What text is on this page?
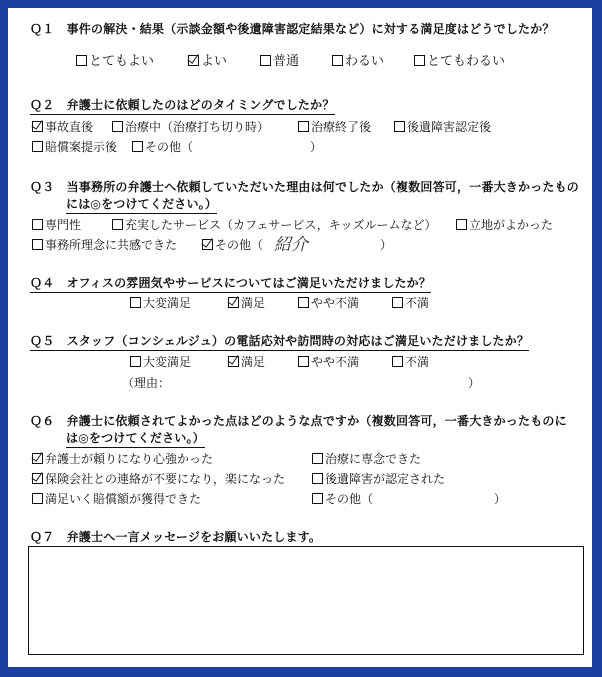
Ｑ１　事件の解決・結果（示談金額や後遺障害認定結果など）に対する満足度はどうでしたか？
とてもよい	よい	普通	わるい	とてもわるい
Ｑ２　弁護士に依頼したのはどのタイミングでしたか？
事故直後	治療中（治療打ち切り時）	治療終了後	後遺障害認定後
賠償案提示後	その他（	）
Ｑ３　当事務所の弁護士へ依頼していただいた理由は何でしたか（複数回答可，一番大きかったもの
には◎をつけてください。）
専門性	充実したサービス（カフェサービス，キッズルームなど）	立地がよかった
事務所理念に共感できた	その他（ 紹介	）
Ｑ４　オフィスの雰囲気やサービスについてはご満足いただけましたか？
大変満足	満足	やや不満	不満
Ｑ５　スタッフ（コンシェルジュ）の電話応対や訪問時の対応はご満足いただけましたか？
大変満足	満足	やや不満	不満
（理由：	）
Ｑ６　弁護士に依頼されてよかった点はどのような点ですか（複数回答可，一番大きかったものに
は◎をつけてください。）
弁護士が頼りになり心強かった	治療に専念できた
保険会社との連絡が不要になり，楽になった	後遺障害が認定された
満足いく賠償額が獲得できた	その他（	）
Ｑ７　弁護士へ一言メッセージをお願いいたします。
